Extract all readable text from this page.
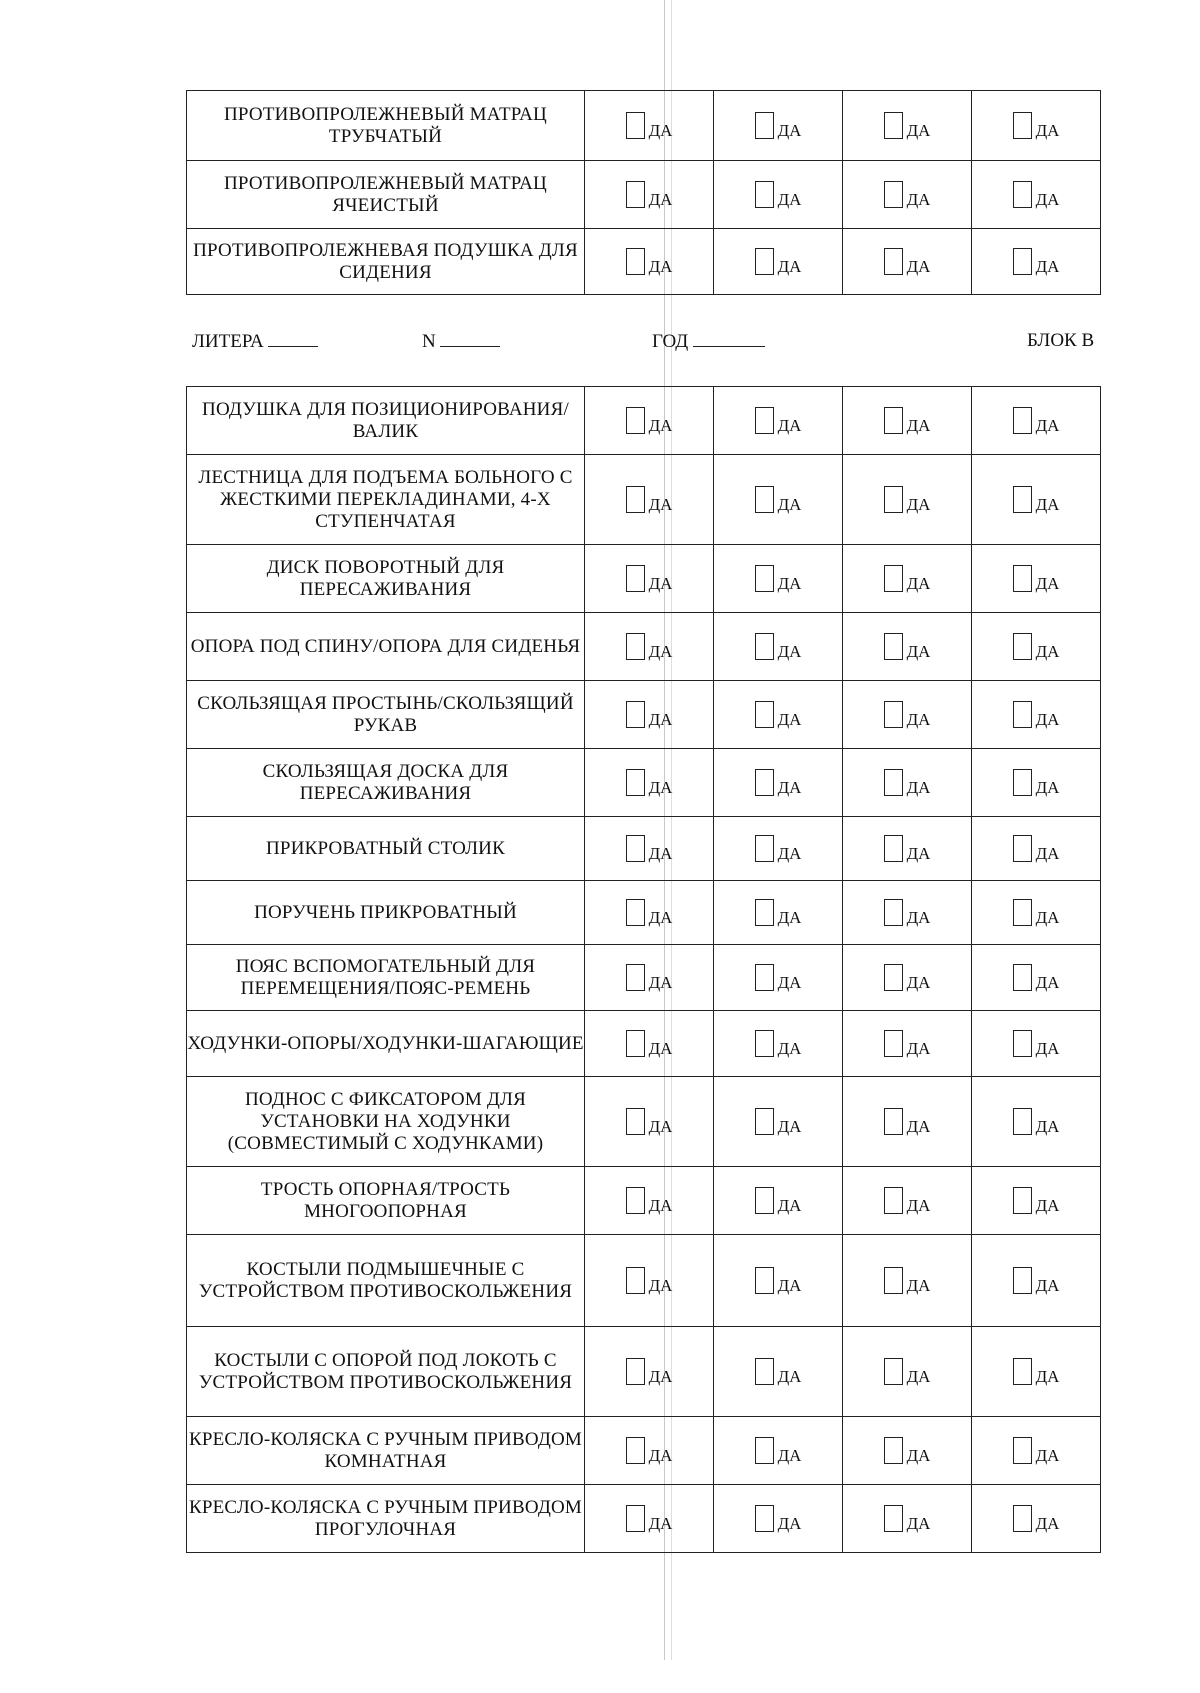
ПРОТИВОПРОЛЕЖНЕВЫЙ МАТРАЦ ТРУБЧАТЫЙ	ДА	ДА	ДА	ДА

ПРОТИВОПРОЛЕЖНЕВЫЙ МАТРАЦ ЯЧЕИСТЫЙ	ДА	ДА	ДА	ДА

ПРОТИВОПРОЛЕЖНЕВАЯ ПОДУШКА ДЛЯ СИДЕНИЯ	ДА	ДА	ДА	ДА
ЛИТЕРА	N	ГОД	БЛОК В
ПОДУШКА ДЛЯ ПОЗИЦИОНИРОВАНИЯ/ВАЛИК	ДА	ДА	ДА	ДА

ЛЕСТНИЦА ДЛЯ ПОДЪЕМА БОЛЬНОГО С ЖЕСТКИМИ ПЕРЕКЛАДИНАМИ, 4-Х СТУПЕНЧАТАЯ	ДА	ДА	ДА	ДА

ДИСК ПОВОРОТНЫЙ ДЛЯ ПЕРЕСАЖИВАНИЯ	ДА	ДА	ДА	ДА

ОПОРА ПОД СПИНУ/ОПОРА ДЛЯ СИДЕНЬЯ	ДА	ДА	ДА	ДА

СКОЛЬЗЯЩАЯ ПРОСТЫНЬ/СКОЛЬЗЯЩИЙ РУКАВ	ДА	ДА	ДА	ДА

СКОЛЬЗЯЩАЯ ДОСКА ДЛЯ ПЕРЕСАЖИВАНИЯ	ДА	ДА	ДА	ДА

ПРИКРОВАТНЫЙ СТОЛИК	ДА	ДА	ДА	ДА

ПОРУЧЕНЬ ПРИКРОВАТНЫЙ	ДА	ДА	ДА	ДА

ПОЯС ВСПОМОГАТЕЛЬНЫЙ ДЛЯ ПЕРЕМЕЩЕНИЯ/ПОЯС-РЕМЕНЬ	ДА	ДА	ДА	ДА

ХОДУНКИ-ОПОРЫ/ХОДУНКИ-ШАГАЮЩИЕ	ДА	ДА	ДА	ДА

ПОДНОС С ФИКСАТОРОМ ДЛЯ УСТАНОВКИ НА ХОДУНКИ (СОВМЕСТИМЫЙ С ХОДУНКАМИ)	ДА	ДА	ДА	ДА

ТРОСТЬ ОПОРНАЯ/ТРОСТЬ МНОГООПОРНАЯ	ДА	ДА	ДА	ДА

КОСТЫЛИ ПОДМЫШЕЧНЫЕ С УСТРОЙСТВОМ ПРОТИВОСКОЛЬЖЕНИЯ	ДА	ДА	ДА	ДА

КОСТЫЛИ С ОПОРОЙ ПОД ЛОКОТЬ С УСТРОЙСТВОМ ПРОТИВОСКОЛЬЖЕНИЯ	ДА	ДА	ДА	ДА

КРЕСЛО-КОЛЯСКА С РУЧНЫМ ПРИВОДОМ КОМНАТНАЯ	ДА	ДА	ДА	ДА

КРЕСЛО-КОЛЯСКА С РУЧНЫМ ПРИВОДОМ ПРОГУЛОЧНАЯ	ДА	ДА	ДА	ДА
